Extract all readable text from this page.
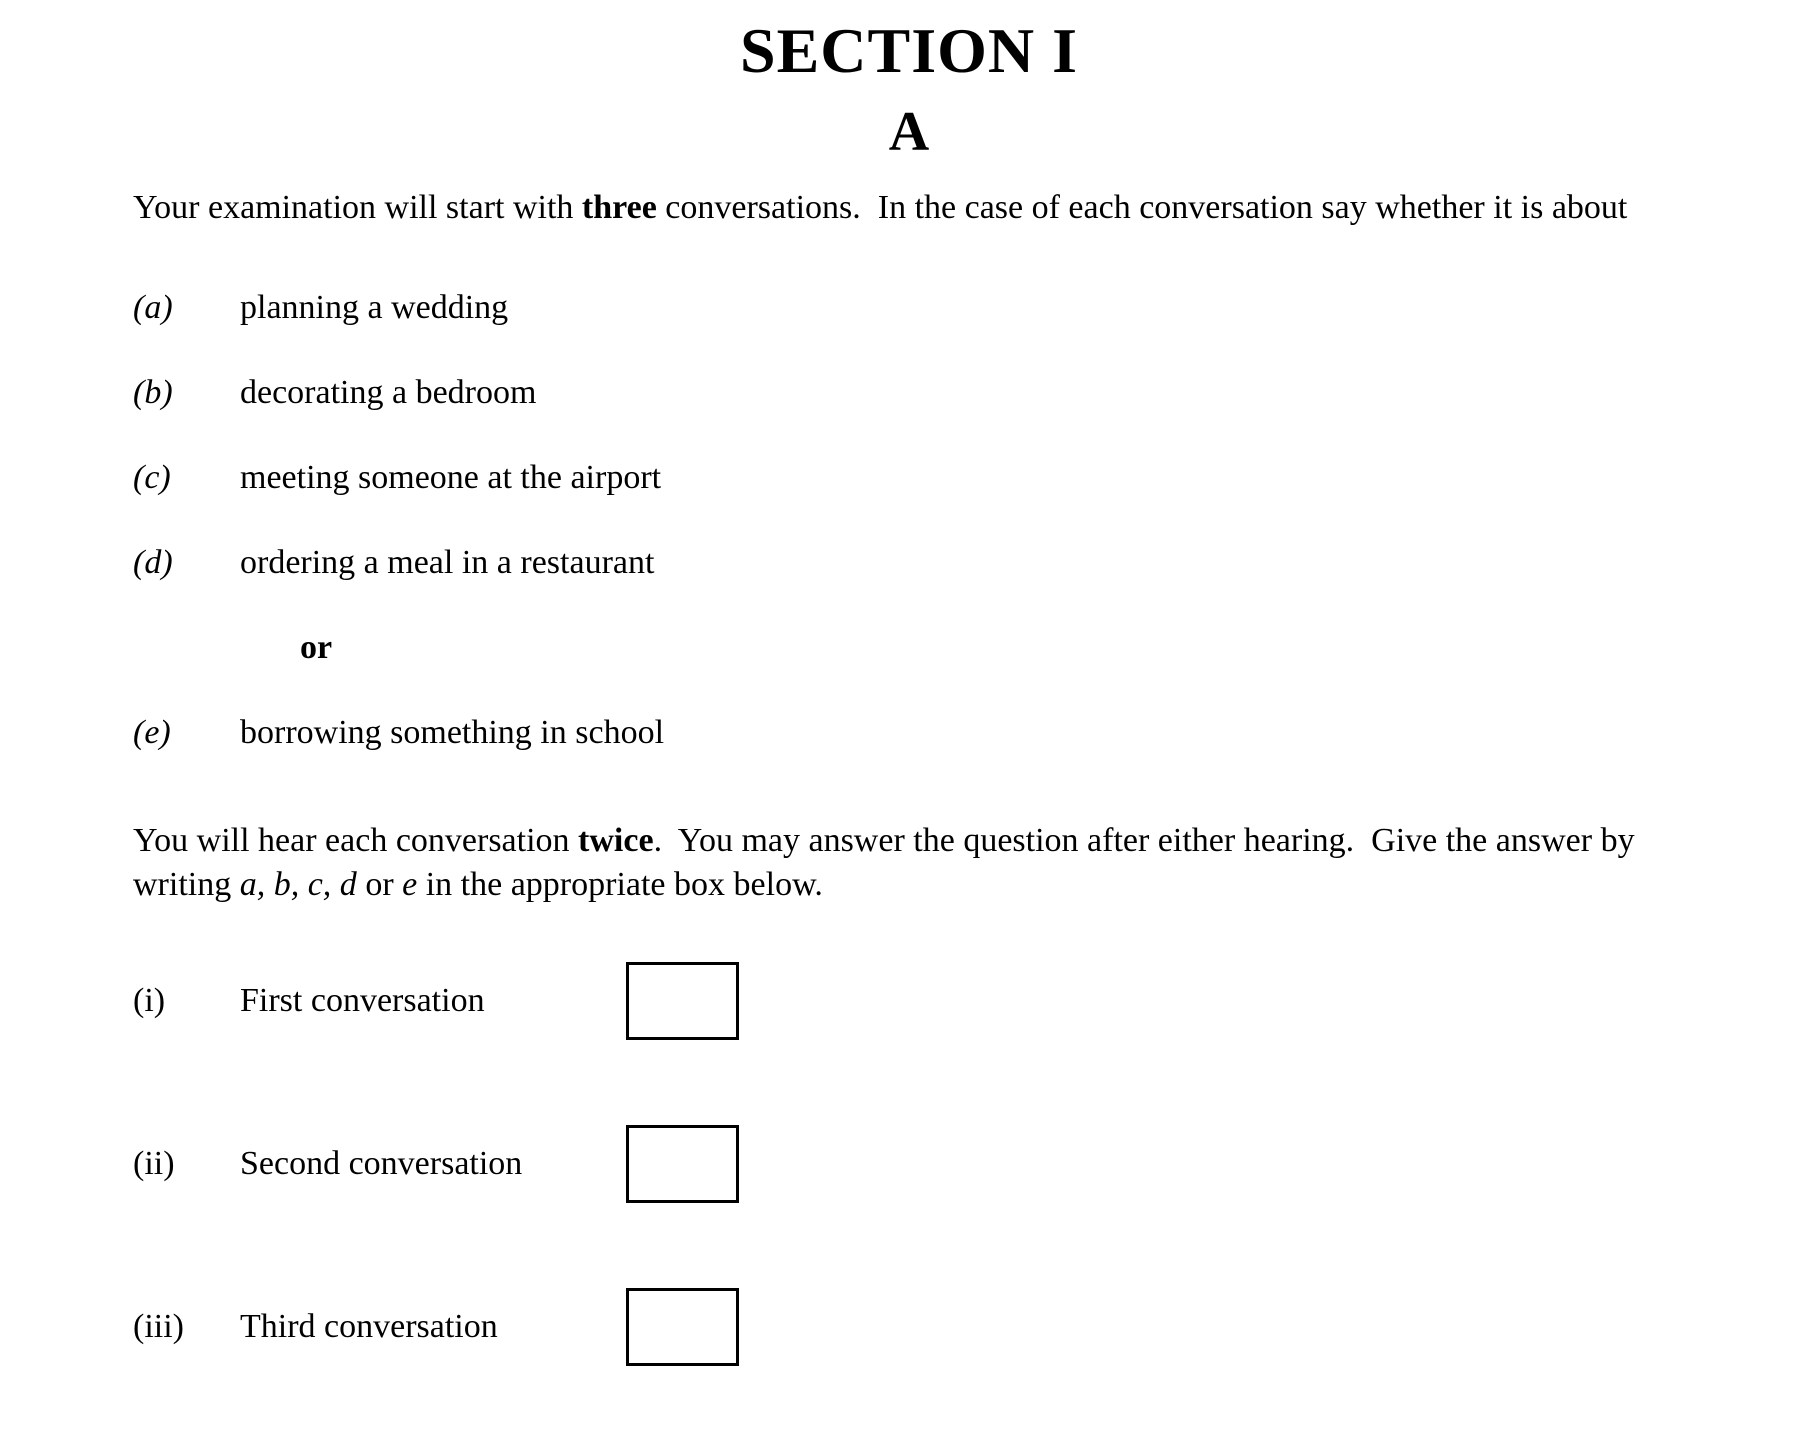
SECTION I
A

Your examination will start with three conversations.  In the case of each conversation say whether it is about

(a)	planning a wedding
(b)	decorating a bedroom
(c)	meeting someone at the airport
(d)	ordering a meal in a restaurant
or
(e)	borrowing something in school

You will hear each conversation twice.  You may answer the question after either hearing.  Give the answer by writing a, b, c, d or e in the appropriate box below.

(i)	First conversation
(ii)	Second conversation
(iii)	Third conversation
